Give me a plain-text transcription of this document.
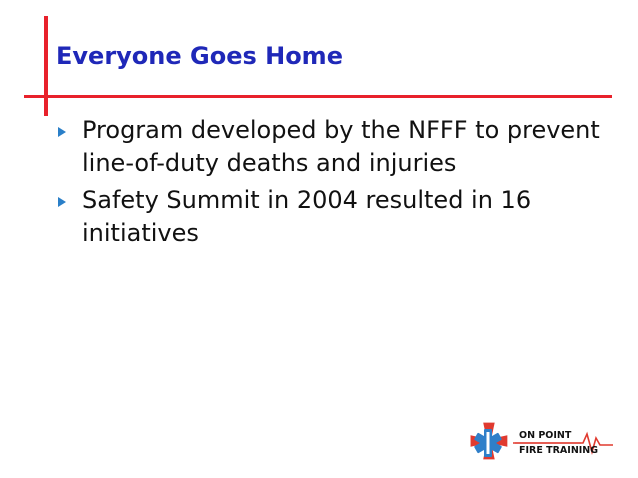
Everyone Goes Home
Program developed by the NFFF to prevent line-of-duty deaths and injuries
Safety Summit in 2004 resulted in 16 initiatives
ON POINT
FIRE TRAINING
